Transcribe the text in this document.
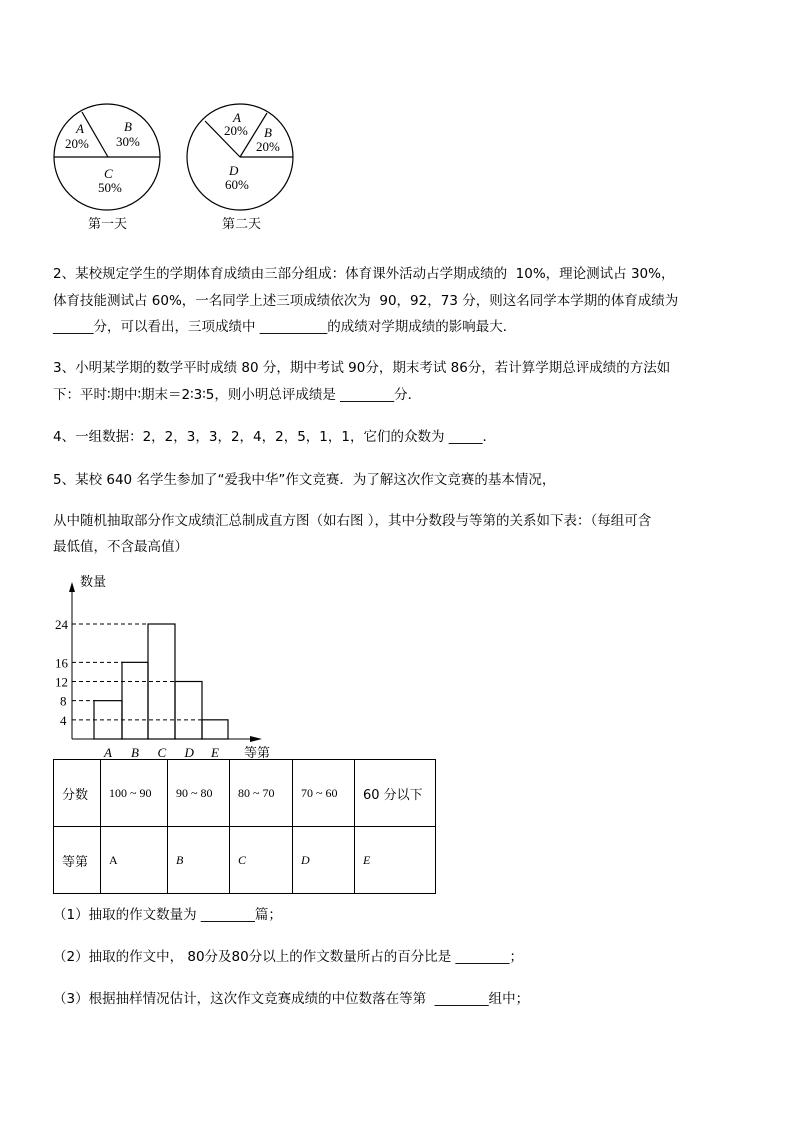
A
20%
B
30%
C
50%
第一天
A
20% B
20%
D
60%
第二天
2、某校规定学生的学期体育成绩由三部分组成：体育课外活动占学期成绩的  10%，理论测试占 30%，
体育技能测试占 60%，一名同学上述三项成绩依次为  90，92，73 分，则这名同学本学期的体育成绩为
______分，可以看出，三项成绩中 __________的成绩对学期成绩的影响最大．
3、小明某学期的数学平时成绩 80 分，期中考试 90分，期末考试 86分，若计算学期总评成绩的方法如
下：平时∶期中∶期末＝2∶3∶5，则小明总评成绩是 ________分．
4、一组数据：2，2，3，3，2，4，2，5，1，1，它们的众数为 _____．
5、某校 640 名学生参加了“爱我中华”作文竞赛．为了解这次作文竞赛的基本情况，
从中随机抽取部分作文成绩汇总制成直方图（如右图 ），其中分数段与等第的关系如下表：（每组可含
最低值，不含最高值）
数量
等第
A B C D E
4
8
12
16
24
分数	100 ~ 90	90 ~ 80	80 ~ 70	70 ~ 60	60 分以下
等第	A	B	C	D	E
（1）抽取的作文数量为 ________篇；
（2）抽取的作文中， 80分及80分以上的作文数量所占的百分比是 ________；
（3）根据抽样情况估计，这次作文竞赛成绩的中位数落在等第  ________组中；
